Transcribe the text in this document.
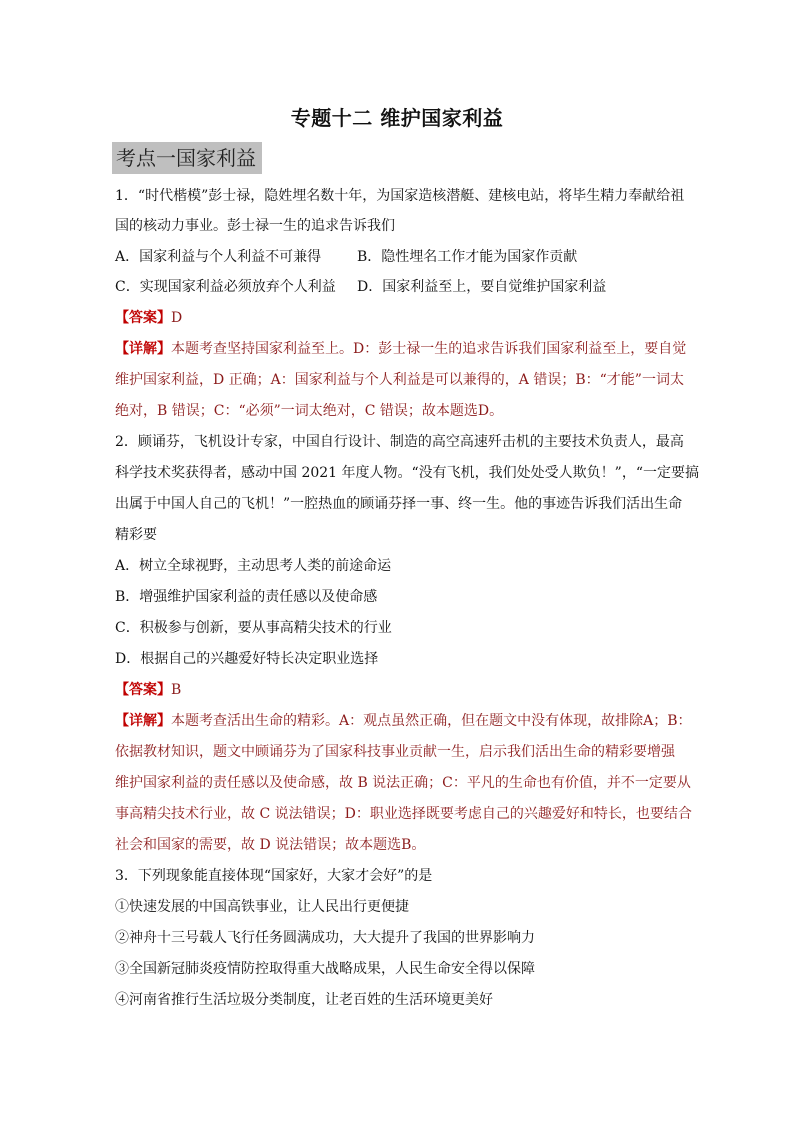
专题十二 维护国家利益
考点一国家利益
1．“时代楷模”彭士禄，隐姓埋名数十年，为国家造核潜艇、建核电站，将毕生精力奉献给祖
国的核动力事业。彭士禄一生的追求告诉我们
A．国家利益与个人利益不可兼得	B．隐性埋名工作才能为国家作贡献
C．实现国家利益必须放弃个人利益 D．国家利益至上，要自觉维护国家利益
【答案】D
【详解】本题考查坚持国家利益至上。D：彭士禄一生的追求告诉我们国家利益至上，要自觉
维护国家利益，D 正确；A：国家利益与个人利益是可以兼得的，A 错误；B：“才能”一词太
绝对，B 错误；C：“必须”一词太绝对，C 错误；故本题选D。
2．顾诵芬，飞机设计专家，中国自行设计、制造的高空高速歼击机的主要技术负责人，最高
科学技术奖获得者，感动中国 2021 年度人物。“没有飞机，我们处处受人欺负！”，“一定要搞
出属于中国人自己的飞机！”一腔热血的顾诵芬择一事、终一生。他的事迹告诉我们活出生命
精彩要
A．树立全球视野，主动思考人类的前途命运
B．增强维护国家利益的责任感以及使命感
C．积极参与创新，要从事高精尖技术的行业
D．根据自己的兴趣爱好特长决定职业选择
【答案】B
【详解】本题考查活出生命的精彩。A：观点虽然正确，但在题文中没有体现，故排除A；B：
依据教材知识，题文中顾诵芬为了国家科技事业贡献一生，启示我们活出生命的精彩要增强
维护国家利益的责任感以及使命感，故 B 说法正确；C：平凡的生命也有价值，并不一定要从
事高精尖技术行业，故 C 说法错误；D：职业选择既要考虑自己的兴趣爱好和特长，也要结合
社会和国家的需要，故 D 说法错误；故本题选B。
3．下列现象能直接体现“国家好，大家才会好”的是
①快速发展的中国高铁事业，让人民出行更便捷
②神舟十三号载人飞行任务圆满成功，大大提升了我国的世界影响力
③全国新冠肺炎疫情防控取得重大战略成果，人民生命安全得以保障
④河南省推行生活垃圾分类制度，让老百姓的生活环境更美好
